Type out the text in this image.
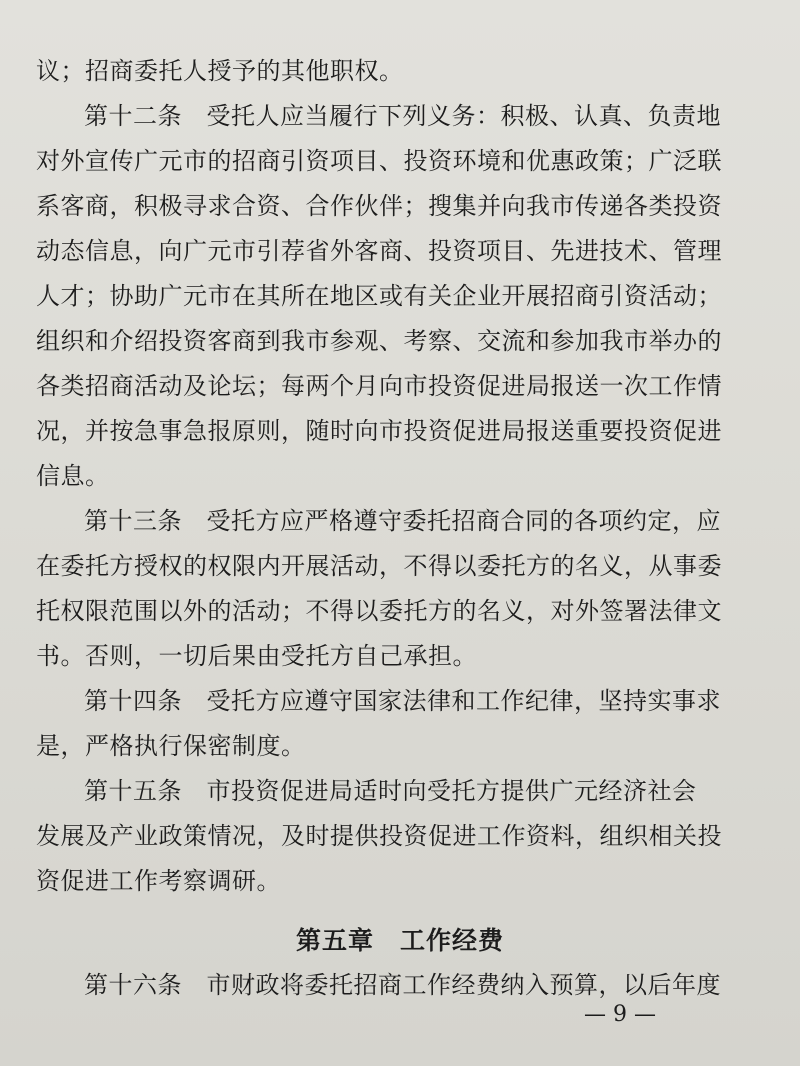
议；招商委托人授予的其他职权。
第十二条　受托人应当履行下列义务：积极、认真、负责地
对外宣传广元市的招商引资项目、投资环境和优惠政策；广泛联
系客商，积极寻求合资、合作伙伴；搜集并向我市传递各类投资
动态信息，向广元市引荐省外客商、投资项目、先进技术、管理
人才；协助广元市在其所在地区或有关企业开展招商引资活动；
组织和介绍投资客商到我市参观、考察、交流和参加我市举办的
各类招商活动及论坛；每两个月向市投资促进局报送一次工作情
况，并按急事急报原则，随时向市投资促进局报送重要投资促进
信息。
第十三条　受托方应严格遵守委托招商合同的各项约定，应
在委托方授权的权限内开展活动，不得以委托方的名义，从事委
托权限范围以外的活动；不得以委托方的名义，对外签署法律文
书。否则，一切后果由受托方自己承担。
第十四条　受托方应遵守国家法律和工作纪律，坚持实事求
是，严格执行保密制度。
第十五条　市投资促进局适时向受托方提供广元经济社会
发展及产业政策情况，及时提供投资促进工作资料，组织相关投
资促进工作考察调研。
第五章　工作经费
第十六条　市财政将委托招商工作经费纳入预算，以后年度
— 9 —
